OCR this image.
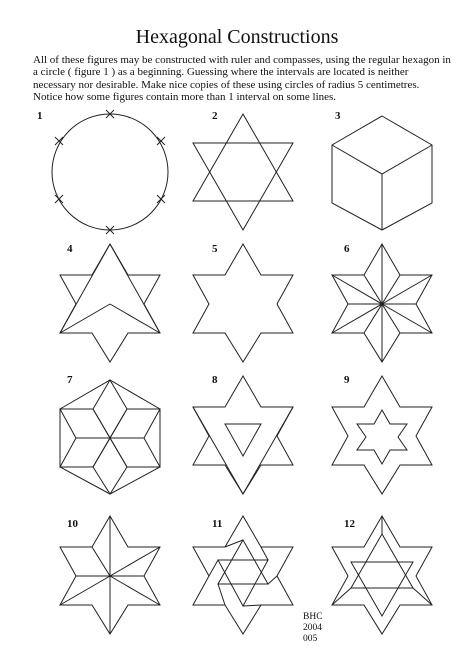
Hexagonal Constructions
All of these figures may be constructed with ruler and compasses, using the regular hexagon in
a circle ( figure 1 ) as a beginning. Guessing where the intervals are located is neither
necessary nor desirable. Make nice copies of these using circles of radius 5 centimetres.
Notice how some figures contain more than 1 interval on some lines.
1	2	3
4	5	6
7	8	9
10	11	12
BHC
2004
005
